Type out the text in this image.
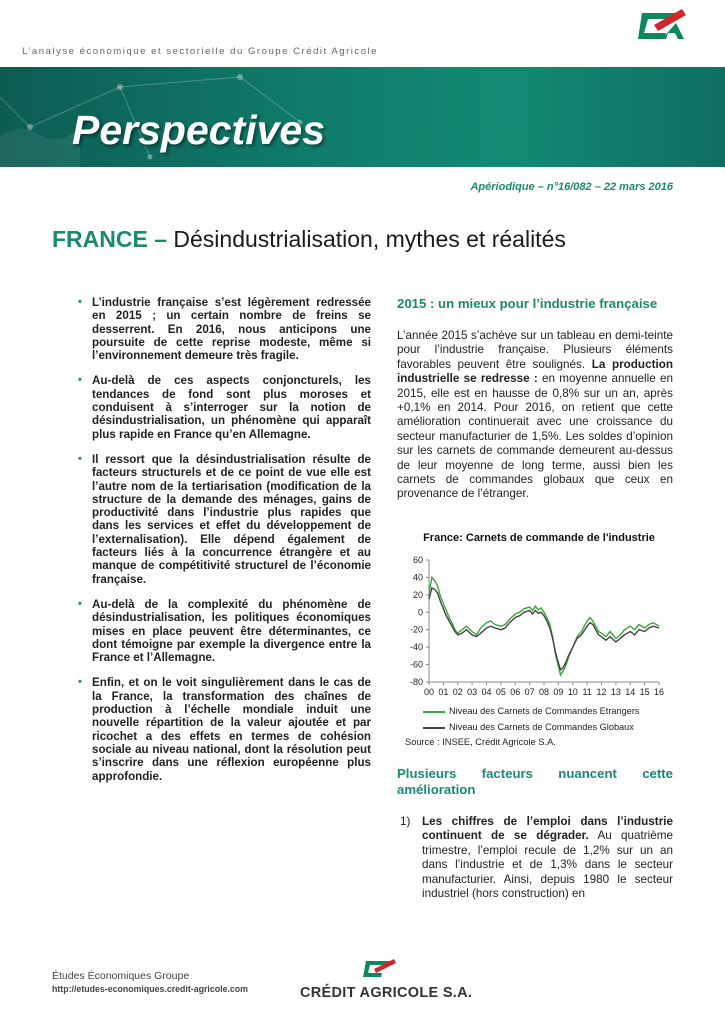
L’analyse économique et sectorielle du Groupe Crédit Agricole
Perspectives
Apériodique – n°16/082 – 22 mars 2016
FRANCE – Désindustrialisation, mythes et réalités
• L’industrie française s’est légèrement redressée en 2015 ; un certain nombre de freins se desserrent. En 2016, nous anticipons une poursuite de cette reprise modeste, même si l’environnement demeure très fragile.
• Au-delà de ces aspects conjoncturels, les tendances de fond sont plus moroses et conduisent à s’interroger sur la notion de désindustrialisation, un phénomène qui apparaît plus rapide en France qu’en Allemagne.
• Il ressort que la désindustrialisation résulte de facteurs structurels et de ce point de vue elle est l’autre nom de la tertiarisation (modification de la structure de la demande des ménages, gains de productivité dans l’industrie plus rapides que dans les services et effet du développement de l’externalisation). Elle dépend également de facteurs liés à la concurrence étrangère et au manque de compétitivité structurel de l’économie française.
• Au-delà de la complexité du phénomène de désindustrialisation, les politiques économiques mises en place peuvent être déterminantes, ce dont témoigne par exemple la divergence entre la France et l’Allemagne.
• Enfin, et on le voit singulièrement dans le cas de la France, la transformation des chaînes de production à l’échelle mondiale induit une nouvelle répartition de la valeur ajoutée et par ricochet a des effets en termes de cohésion sociale au niveau national, dont la résolution peut s’inscrire dans une réflexion européenne plus approfondie.
2015 : un mieux pour l’industrie française

L’année 2015 s’achève sur un tableau en demi-teinte pour l’industrie française. Plusieurs éléments favorables peuvent être soulignés. La production industrielle se redresse : en moyenne annuelle en 2015, elle est en hausse de 0,8% sur un an, après +0,1% en 2014. Pour 2016, on retient que cette amélioration continuerait avec une croissance du secteur manufacturier de 1,5%. Les soldes d’opinion sur les carnets de commande demeurent au-dessus de leur moyenne de long terme, aussi bien les carnets de commandes globaux que ceux en provenance de l’étranger.

France: Carnets de commande de l'industrie
60
40
20
0
-20
-40
-60
-80
00 01 02 03 04 05 06 07 08 09 10 11 12 13 14 15 16
Niveau des Carnets de Commandes Etrangers
Niveau des Carnets de Commandes Globaux
Source : INSEE, Crédit Agricole S.A.
Plusieurs facteurs nuancent cette amélioration
1) Les chiffres de l’emploi dans l’industrie continuent de se dégrader. Au quatrième trimestre, l’emploi recule de 1,2% sur un an dans l’industrie et de 1,3% dans le secteur manufacturier. Ainsi, depuis 1980 le secteur industriel (hors construction) en

Études Économiques Groupe
http://etudes-economiques.credit-agricole.com	CRÉDIT AGRICOLE S.A.
